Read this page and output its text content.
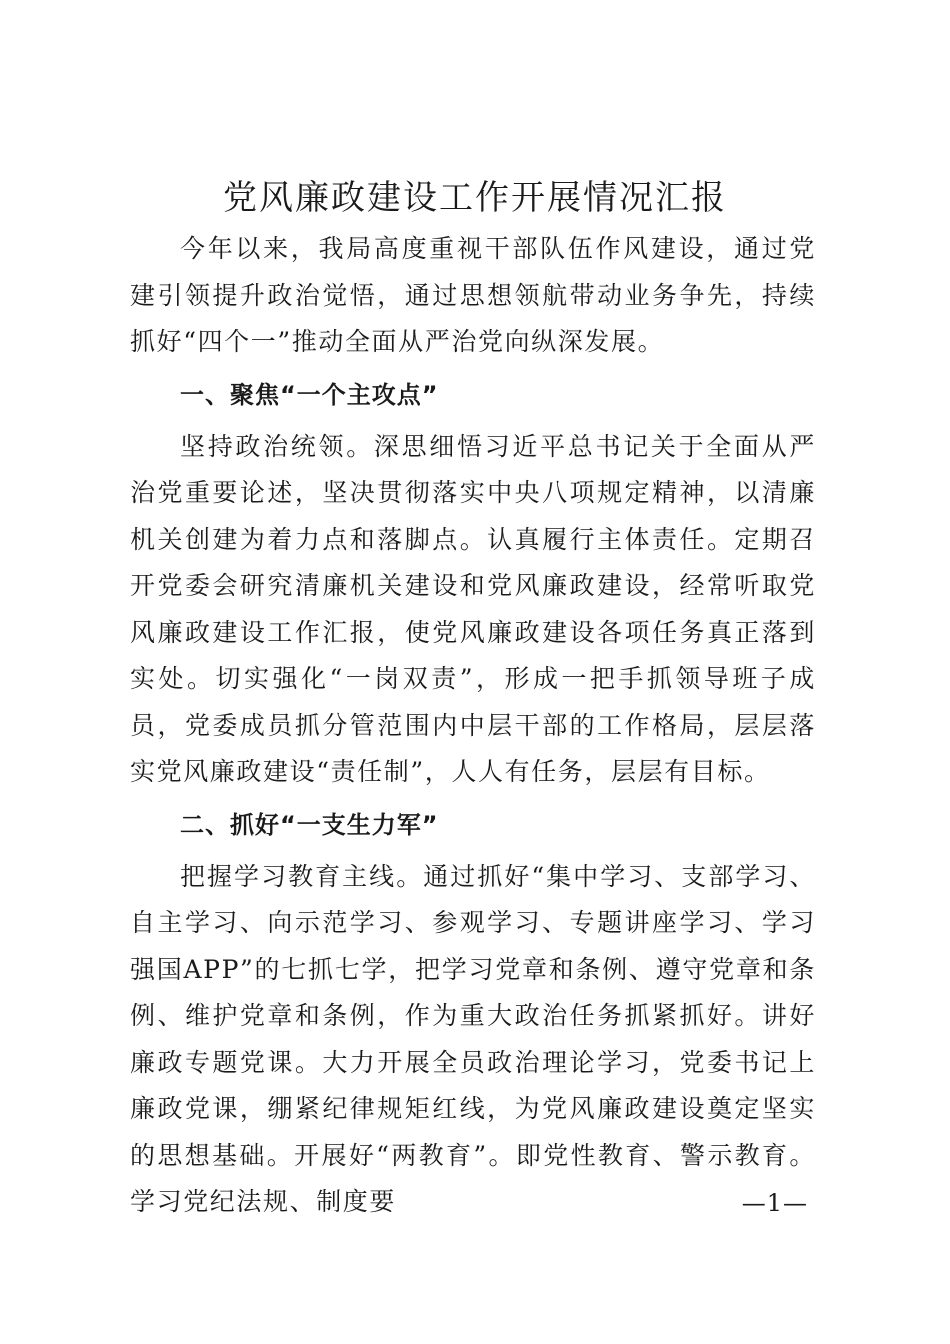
党风廉政建设工作开展情况汇报

今年以来，我局高度重视干部队伍作风建设，通过党建引领提升政治觉悟，通过思想领航带动业务争先，持续抓好“四个一”推动全面从严治党向纵深发展。

一、聚焦“一个主攻点”

坚持政治统领。深思细悟习近平总书记关于全面从严治党重要论述，坚决贯彻落实中央八项规定精神，以清廉机关创建为着力点和落脚点。认真履行主体责任。定期召开党委会研究清廉机关建设和党风廉政建设，经常听取党风廉政建设工作汇报，使党风廉政建设各项任务真正落到实处。切实强化“一岗双责”，形成一把手抓领导班子成员，党委成员抓分管范围内中层干部的工作格局，层层落实党风廉政建设“责任制”，人人有任务，层层有目标。

二、抓好“一支生力军”

把握学习教育主线。通过抓好“集中学习、支部学习、自主学习、向示范学习、参观学习、专题讲座学习、学习强国APP”的七抓七学，把学习党章和条例、遵守党章和条例、维护党章和条例，作为重大政治任务抓紧抓好。讲好廉政专题党课。大力开展全员政治理论学习，党委书记上廉政党课，绷紧纪律规矩红线，为党风廉政建设奠定坚实的思想基础。开展好“两教育”。即党性教育、警示教育。学习党纪法规、制度要	—1—
